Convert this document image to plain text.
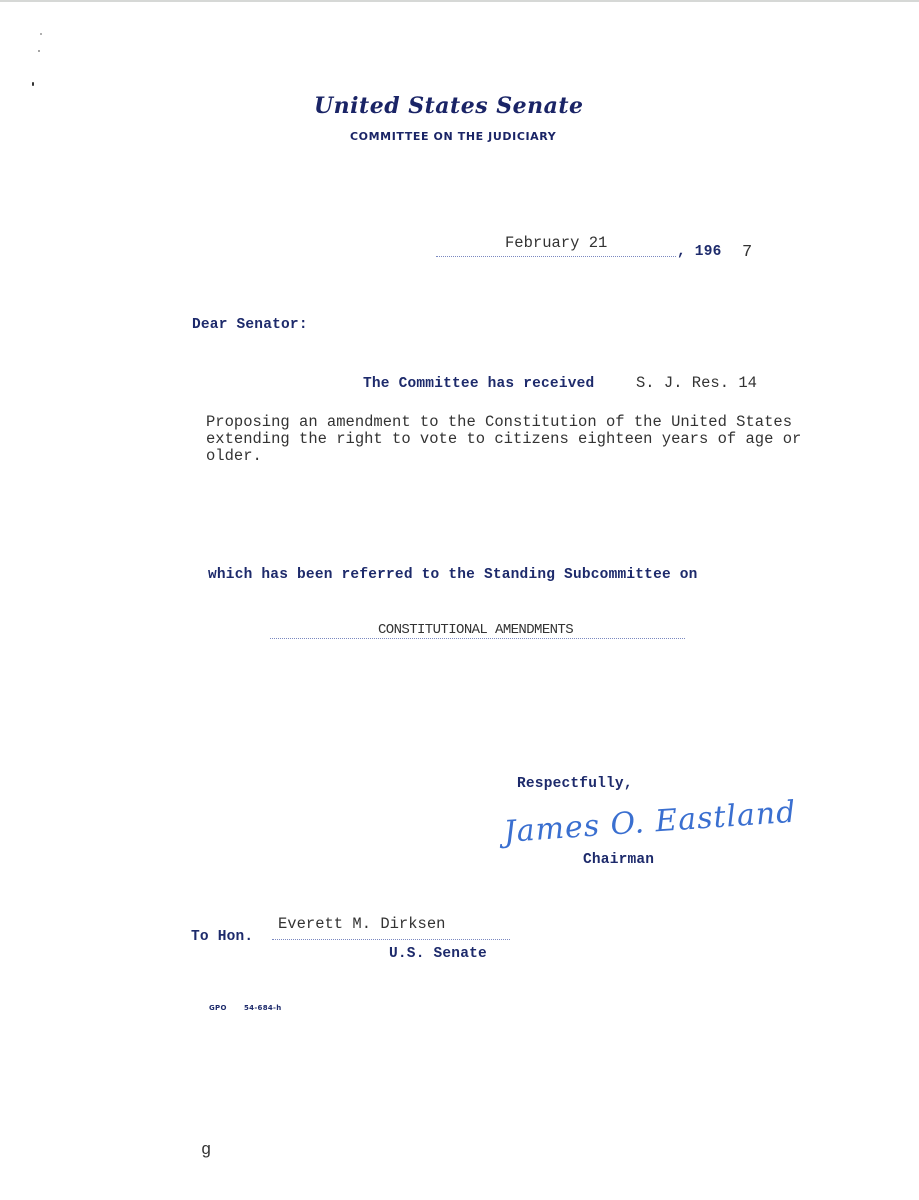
United States Senate
COMMITTEE ON THE JUDICIARY
February 21	, 196 7
Dear Senator:
The Committee has received	S. J. Res. 14
Proposing an amendment to the Constitution of the United States
extending the right to vote to citizens eighteen years of age or
older.
which has been referred to the Standing Subcommittee on
CONSTITUTIONAL AMENDMENTS
Respectfully,
James O. Eastland
Chairman
Everett M. Dirksen
To Hon.
U.S. Senate
GPO 54-684-h
g
